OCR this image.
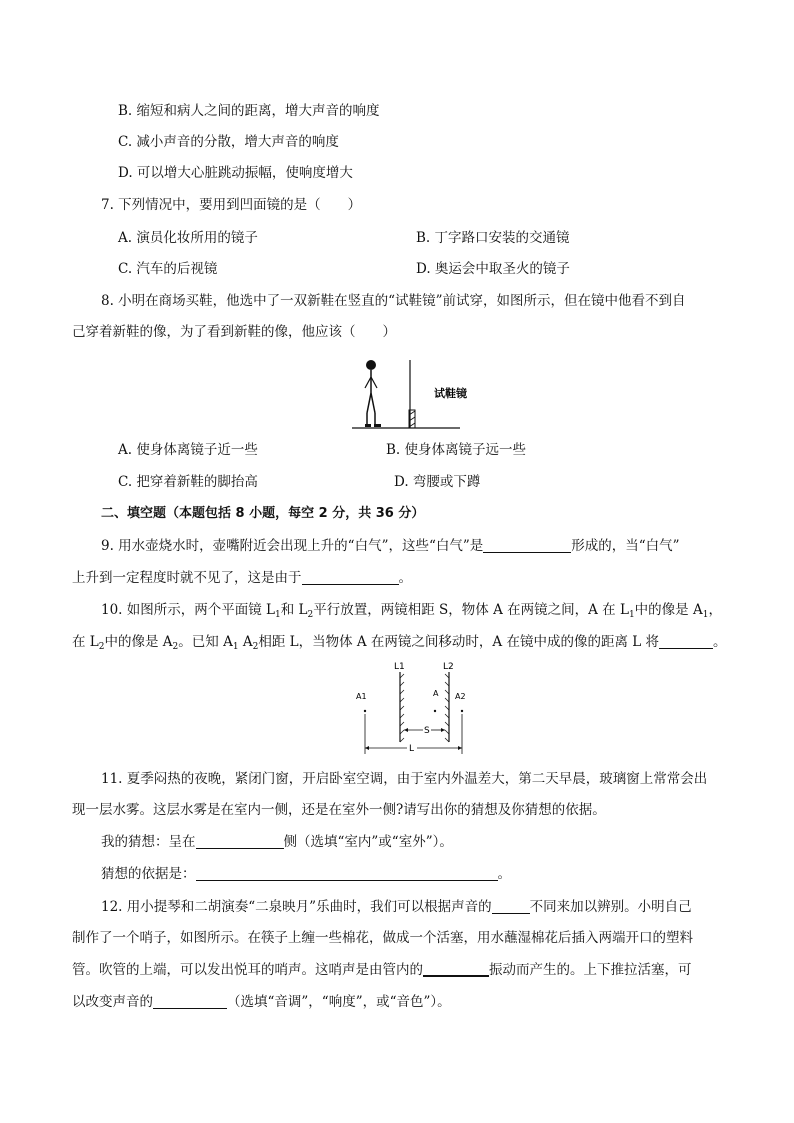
B. 缩短和病人之间的距离，增大声音的响度
C. 减小声音的分散，增大声音的响度
D. 可以增大心脏跳动振幅，使响度增大
7. 下列情况中，要用到凹面镜的是（　　）
A. 演员化妆所用的镜子	B. 丁字路口安装的交通镜
C. 汽车的后视镜	D. 奥运会中取圣火的镜子
8. 小明在商场买鞋，他选中了一双新鞋在竖直的“试鞋镜”前试穿，如图所示，但在镜中他看不到自
己穿着新鞋的像，为了看到新鞋的像，他应该（　　）
试鞋镜
A. 使身体离镜子近一些	B. 使身体离镜子远一些
C. 把穿着新鞋的脚抬高	D. 弯腰或下蹲
二、填空题（本题包括 8 小题，每空 2 分，共 36 分）
9. 用水壶烧水时，壶嘴附近会出现上升的“白气”，这些“白气”是	形成的，当“白气”
上升到一定程度时就不见了，这是由于	。
10. 如图所示，两个平面镜 $L_1$和 $L_2$平行放置，两镜相距 S，物体 A 在两镜之间，A 在 $L_1$中的像是 $A_1$，
在 $L_2$中的像是 $A_2$。已知 $A_1$ $A_2$相距 L，当物体 A 在两镜之间移动时，A 在镜中成的像的距离 L 将	。
L1	L2
A1	A A2
S
L
11. 夏季闷热的夜晚，紧闭门窗，开启卧室空调，由于室内外温差大，第二天早晨，玻璃窗上常常会出
现一层水雾。这层水雾是在室内一侧，还是在室外一侧?请写出你的猜想及你猜想的依据。
我的猜想：呈在	侧（选填“室内”或“室外”）。
猜想的依据是：	。
12. 用小提琴和二胡演奏“二泉映月”乐曲时，我们可以根据声音的	不同来加以辨别。小明自己
制作了一个哨子，如图所示。在筷子上缠一些棉花，做成一个活塞，用水蘸湿棉花后插入两端开口的塑料
管。吹管的上端，可以发出悦耳的哨声。这哨声是由管内的	振动而产生的。上下推拉活塞，可
以改变声音的	（选填“音调”，“响度”，或“音色”）。
